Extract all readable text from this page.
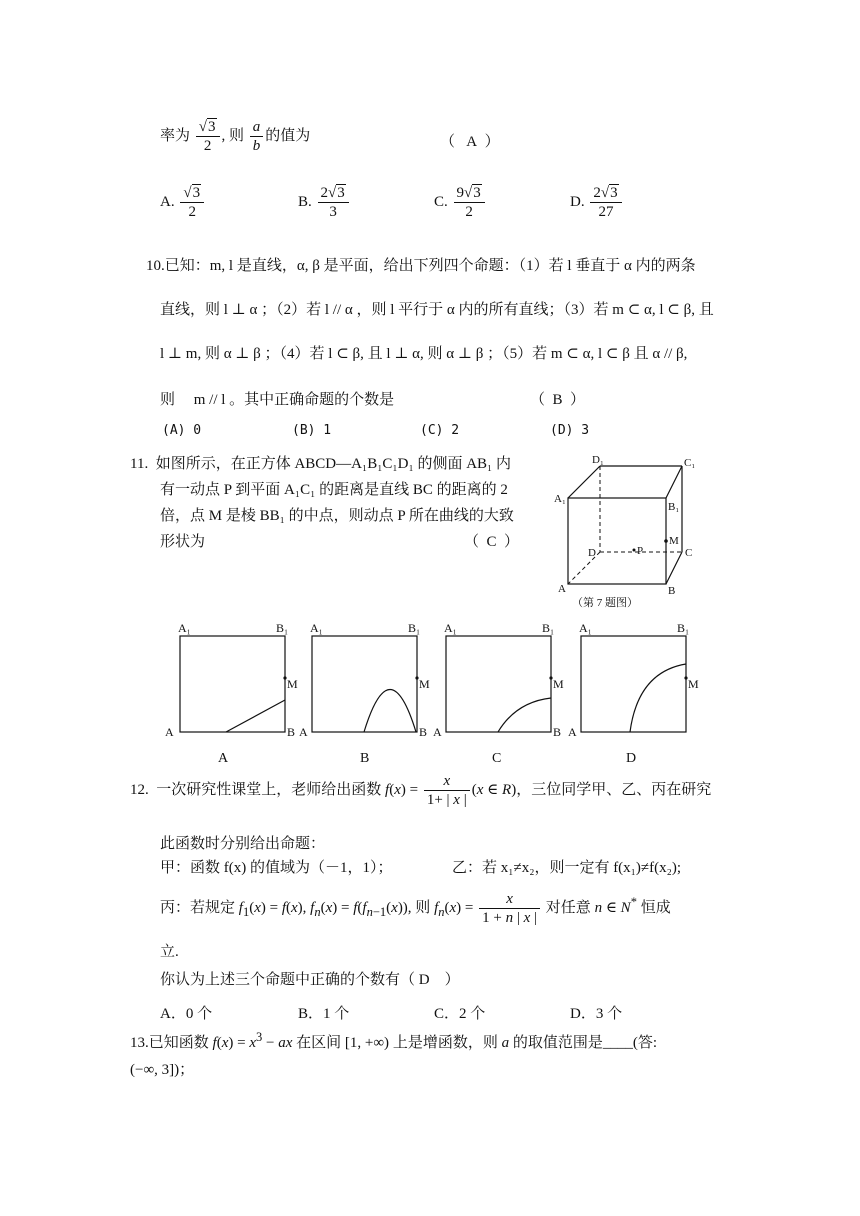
率为 $\frac{√3}{2}$ , 则 $\frac{a}{b}$ 的值为	（   A  ）
A. $\frac{√3}{2}$	B. $\frac{2√3}{3}$	C. $\frac{9√3}{2}$	D. $\frac{2√3}{27}$
10.已知：m, l 是直线，α, β 是平面，给出下列四个命题：（1）若 l 垂直于 α 内的两条
直线，则 l ⊥ α ；（2）若 l // α ，则 l 平行于 α 内的所有直线；（3）若 m ⊂ α, l ⊂ β, 且
l ⊥ m, 则 α ⊥ β ；（4）若 l ⊂ β, 且 l ⊥ α, 则 α ⊥ β ；（5）若 m ⊂ α, l ⊂ β 且 α // β,
则　 m // l 。其中正确命题的个数是	（  B  ）
(A) 0	(B) 1	(C) 2	(D) 3
11. 如图所示，在正方体 ABCD—A₁B₁C₁D₁ 的侧面 AB₁ 内
有一动点 P 到平面 A₁C₁ 的距离是直线 BC 的距离的 2
倍，点 M 是棱 BB₁ 的中点，则动点 P 所在曲线的大致
形状为	（  C  ）
D₁	C₁
A₁
B₁
M
D	C
A	B
P
（第 7 题图）
A₁	B₁
A	B
M
A
A₁	B₁
A	B
M
B
A₁	B₁
A	B
M
C
A₁	B₁
A
M
D
12. 一次研究性课堂上，老师给出函数 $f(x) = \frac{x}{1+ | x |} (x$ ∈ R)，三位同学甲、乙、丙在研究
此函数时分别给出命题：
甲：函数 f(x) 的值域为（－1，1）；	乙：若 x₁≠x₂，则一定有 f(x₁)≠f(x₂);
丙：若规定 $f_1(x) = f(x)$, $f_n(x) = f(f_{n-1}(x))$, 则 $f_n(x) = \frac{x}{1 + n | x |}$ 对任意 n ∈ N* 恒成
立.
你认为上述三个命题中正确的个数有（ D ）
A．0 个	B．1 个	C．2 个	D．3 个
13.已知函数 $f(x) = x^3$ − ax 在区间 [1, +∞) 上是增函数，则 a 的取值范围是____(答:
(−∞, 3])；
